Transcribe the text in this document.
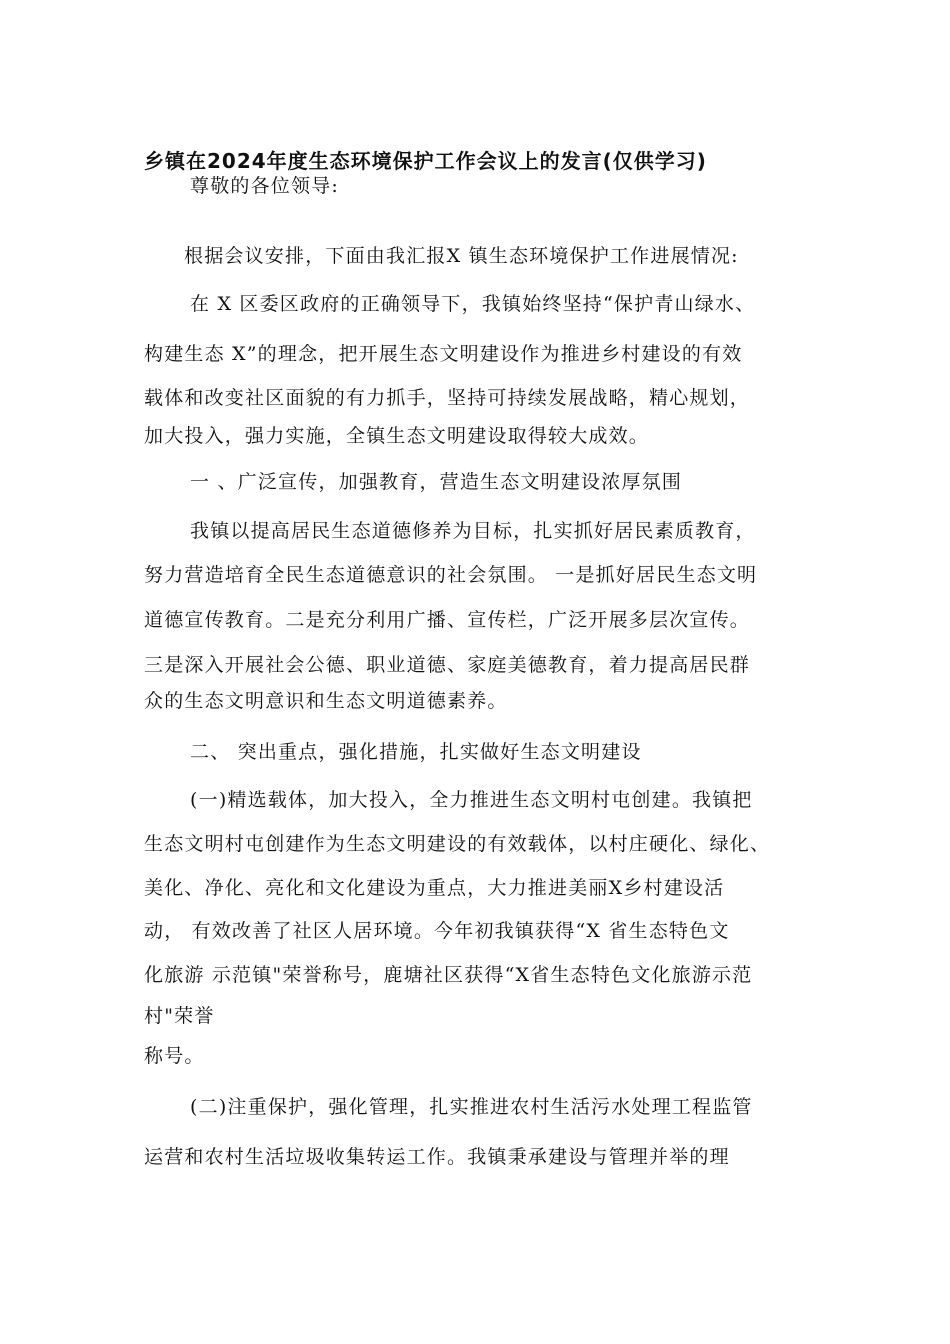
乡镇在2024年度生态环境保护工作会议上的发言(仅供学习)
尊敬的各位领导:
根据会议安排，下面由我汇报X 镇生态环境保护工作进展情况:
在 X 区委区政府的正确领导下，我镇始终坚持“保护青山绿水、
构建生态 X”的理念，把开展生态文明建设作为推进乡村建设的有效
载体和改变社区面貌的有力抓手，坚持可持续发展战略，精心规划，
加大投入，强力实施，全镇生态文明建设取得较大成效。
一 、广泛宣传，加强教育，营造生态文明建设浓厚氛围
我镇以提高居民生态道德修养为目标，扎实抓好居民素质教育，
努力营造培育全民生态道德意识的社会氛围。 一是抓好居民生态文明
道德宣传教育。二是充分利用广播、宣传栏，广泛开展多层次宣传。
三是深入开展社会公德、职业道德、家庭美德教育，着力提高居民群
众的生态文明意识和生态文明道德素养。
二、 突出重点，强化措施，扎实做好生态文明建设
(一)精选载体，加大投入，全力推进生态文明村屯创建。我镇把
生态文明村屯创建作为生态文明建设的有效载体，以村庄硬化、绿化、
美化、净化、亮化和文化建设为重点，大力推进美丽X乡村建设活
动， 有效改善了社区人居环境。今年初我镇获得“X 省生态特色文
化旅游 示范镇"荣誉称号，鹿塘社区获得“X省生态特色文化旅游示范
村"荣誉
称号。
(二)注重保护，强化管理，扎实推进农村生活污水处理工程监管
运营和农村生活垃圾收集转运工作。我镇秉承建设与管理并举的理
